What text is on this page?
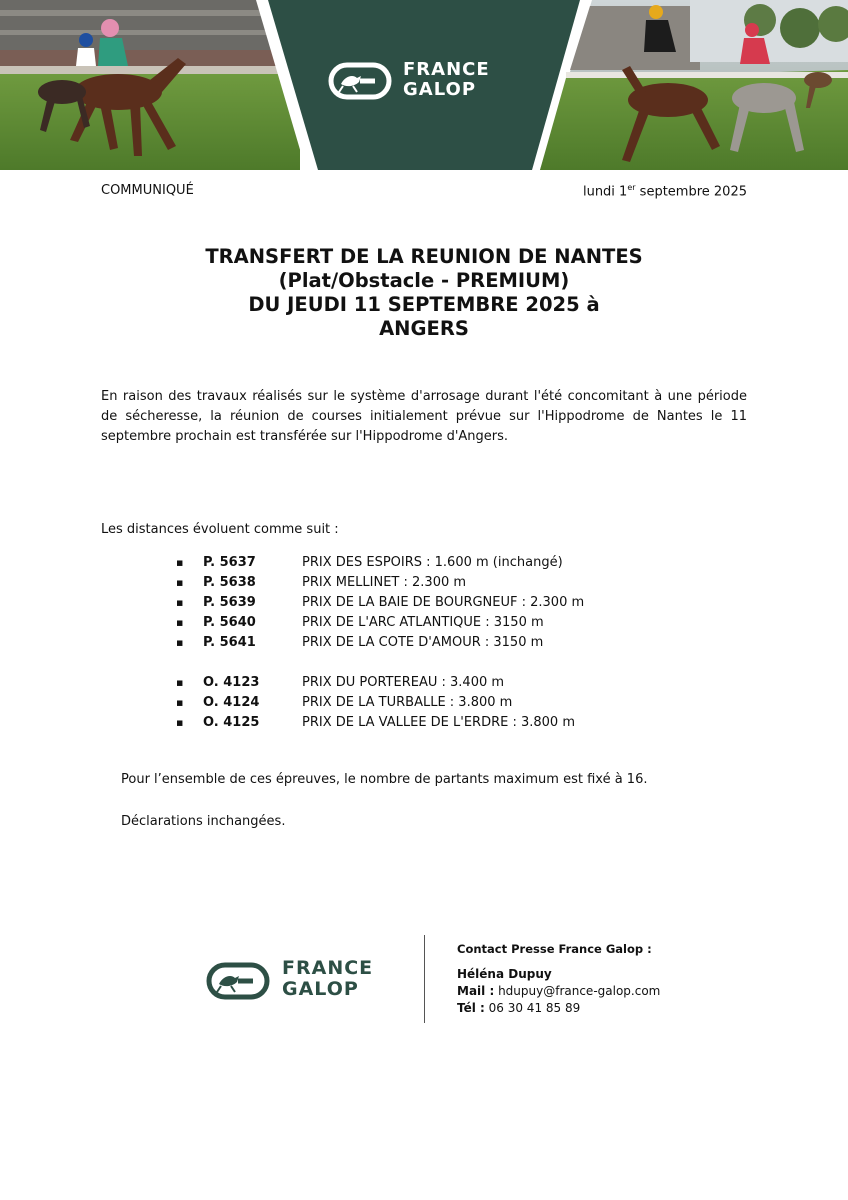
FRANCE
GALOP
COMMUNIQUÉ	lundi 1er septembre 2025
TRANSFERT DE LA REUNION DE NANTES
(Plat/Obstacle - PREMIUM)
DU JEUDI 11 SEPTEMBRE 2025 à
ANGERS
En raison des travaux réalisés sur le système d'arrosage durant l'été concomitant à une période de sécheresse, la réunion de courses initialement prévue sur l'Hippodrome de Nantes le 11 septembre prochain est transférée sur l'Hippodrome d'Angers.
Les distances évoluent comme suit :
▪ P. 5637	PRIX DES ESPOIRS : 1.600 m (inchangé)
▪ P. 5638	PRIX MELLINET : 2.300 m
▪ P. 5639	PRIX DE LA BAIE DE BOURGNEUF : 2.300 m
▪ P. 5640	PRIX DE L'ARC ATLANTIQUE : 3150 m
▪ P. 5641	PRIX DE LA COTE D'AMOUR : 3150 m
▪ O. 4123	PRIX DU PORTEREAU : 3.400 m
▪ O. 4124	PRIX DE LA TURBALLE : 3.800 m
▪ O. 4125	PRIX DE LA VALLEE DE L'ERDRE : 3.800 m
Pour l’ensemble de ces épreuves, le nombre de partants maximum est fixé à 16.
Déclarations inchangées.
FRANCE
GALOP
Contact Presse France Galop :
Héléna Dupuy
Mail : hdupuy@france-galop.com
Tél : 06 30 41 85 89
